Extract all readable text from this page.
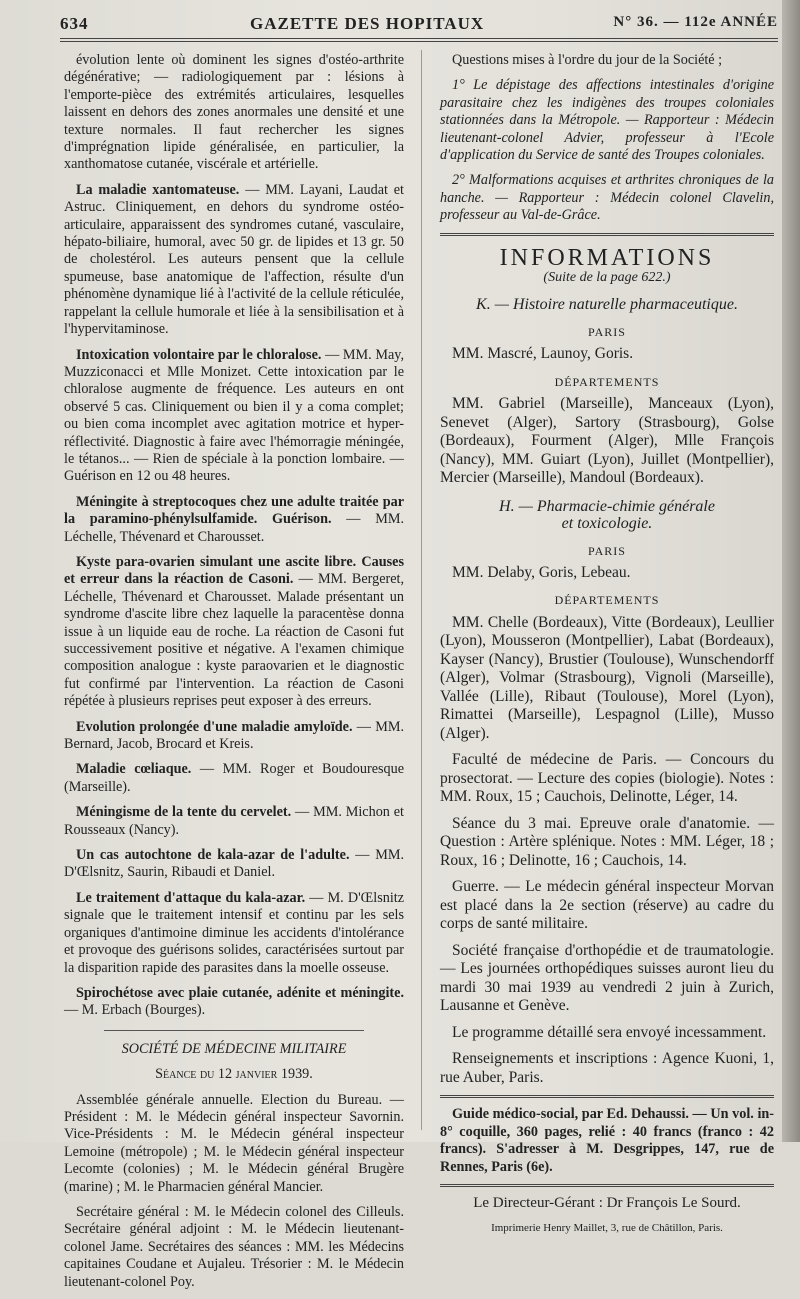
634	GAZETTE DES HOPITAUX	N° 36. — 112e ANNÉE

évolution lente où dominent les signes d'ostéo-arthrite dégénérative; — radiologiquement par : lésions à l'emporte-pièce des extrémités articulaires, lesquelles laissent en dehors des zones anormales une densité et une texture normales. Il faut rechercher les signes d'imprégnation lipide généralisée, en particulier, la xanthomatose cutanée, viscérale et artérielle.

La maladie xantomateuse. — MM. Layani, Laudat et Astruc. Cliniquement, en dehors du syndrome ostéo-articulaire, apparaissent des syndromes cutané, vasculaire, hépato-biliaire, humoral, avec 50 gr. de lipides et 13 gr. 50 de cholestérol. Les auteurs pensent que la cellule spumeuse, base anatomique de l'affection, résulte d'un phénomène dynamique lié à l'activité de la cellule réticulée, rappelant la cellule humorale et liée à la sensibilisation et à l'hypervitaminose.

Intoxication volontaire par le chloralose. — MM. May, Muzziconacci et Mlle Monizet. Cette intoxication par le chloralose augmente de fréquence. Les auteurs en ont observé 5 cas. Cliniquement ou bien il y a coma complet; ou bien coma incomplet avec agitation motrice et hyper-réflectivité. Diagnostic à faire avec l'hémorragie méningée, le tétanos... — Rien de spéciale à la ponction lombaire. — Guérison en 12 ou 48 heures.

Méningite à streptocoques chez une adulte traitée par la paramino-phénylsulfamide. Guérison. — MM. Léchelle, Thévenard et Charousset.

Kyste para-ovarien simulant une ascite libre. Causes et erreur dans la réaction de Casoni. — MM. Bergeret, Léchelle, Thévenard et Charousset. Malade présentant un syndrome d'ascite libre chez laquelle la paracentèse donna issue à un liquide eau de roche. La réaction de Casoni fut successivement positive et négative. A l'examen chimique composition analogue : kyste paraovarien et le diagnostic fut confirmé par l'intervention. La réaction de Casoni répétée à plusieurs reprises peut exposer à des erreurs.

Evolution prolongée d'une maladie amyloïde. — MM. Bernard, Jacob, Brocard et Kreis.

Maladie cœliaque. — MM. Roger et Boudouresque (Marseille).

Méningisme de la tente du cervelet. — MM. Michon et Rousseaux (Nancy).

Un cas autochtone de kala-azar de l'adulte. — MM. D'Œlsnitz, Saurin, Ribaudi et Daniel.

Le traitement d'attaque du kala-azar. — M. D'Œlsnitz signale que le traitement intensif et continu par les sels organiques d'antimoine diminue les accidents d'intolérance et provoque des guérisons solides, caractérisées surtout par la disparition rapide des parasites dans la moelle osseuse.

Spirochétose avec plaie cutanée, adénite et méningite. — M. Erbach (Bourges).

SOCIÉTÉ DE MÉDECINE MILITAIRE

Séance du 12 janvier 1939.

Assemblée générale annuelle. Election du Bureau. — Président : M. le Médecin général inspecteur Savornin. Vice-Présidents : M. le Médecin général inspecteur Lemoine (métropole) ; M. le Médecin général inspecteur Lecomte (colonies) ; M. le Médecin général Brugère (marine) ; M. le Pharmacien général Mancier.

Secrétaire général : M. le Médecin colonel des Cilleuls. Secrétaire général adjoint : M. le Médecin lieutenant-colonel Jame. Secrétaires des séances : MM. les Médecins capitaines Coudane et Aujaleu. Trésorier : M. le Médecin lieutenant-colonel Poy.

Questions mises à l'ordre du jour de la Société ;

1° Le dépistage des affections intestinales d'origine parasitaire chez les indigènes des troupes coloniales stationnées dans la Métropole. — Rapporteur : Médecin lieutenant-colonel Advier, professeur à l'Ecole d'application du Service de santé des Troupes coloniales.

2° Malformations acquises et arthrites chroniques de la hanche. — Rapporteur : Médecin colonel Clavelin, professeur au Val-de-Grâce.

INFORMATIONS
(Suite de la page 622.)
K. — Histoire naturelle pharmaceutique.

PARIS

MM. Mascré, Launoy, Goris.

DÉPARTEMENTS

MM. Gabriel (Marseille), Manceaux (Lyon), Senevet (Alger), Sartory (Strasbourg), Golse (Bordeaux), Fourment (Alger), Mlle François (Nancy), MM. Guiart (Lyon), Juillet (Montpellier), Mercier (Marseille), Mandoul (Bordeaux).

H. — Pharmacie-chimie générale
et toxicologie.

PARIS

MM. Delaby, Goris, Lebeau.

DÉPARTEMENTS

MM. Chelle (Bordeaux), Vitte (Bordeaux), Leullier (Lyon), Mousseron (Montpellier), Labat (Bordeaux), Kayser (Nancy), Brustier (Toulouse), Wunschendorff (Alger), Volmar (Strasbourg), Vignoli (Marseille), Vallée (Lille), Ribaut (Toulouse), Morel (Lyon), Rimattei (Marseille), Lespagnol (Lille), Musso (Alger).

Faculté de médecine de Paris. — Concours du prosectorat. — Lecture des copies (biologie). Notes : MM. Roux, 15 ; Cauchois, Delinotte, Léger, 14.

Séance du 3 mai. Epreuve orale d'anatomie. — Question : Artère splénique. Notes : MM. Léger, 18 ; Roux, 16 ; Delinotte, 16 ; Cauchois, 14.

Guerre. — Le médecin général inspecteur Morvan est placé dans la 2e section (réserve) au cadre du corps de santé militaire.

Société française d'orthopédie et de traumatologie. — Les journées orthopédiques suisses auront lieu du mardi 30 mai 1939 au vendredi 2 juin à Zurich, Lausanne et Genève.

Le programme détaillé sera envoyé incessamment.

Renseignements et inscriptions : Agence Kuoni, 1, rue Auber, Paris.

Guide médico-social, par Ed. Dehaussi. — Un vol. in-8° coquille, 360 pages, relié : 40 francs (franco : 42 francs). S'adresser à M. Desgrippes, 147, rue de Rennes, Paris (6e).

Le Directeur-Gérant : Dr François Le Sourd.

Imprimerie Henry Maillet, 3, rue de Châtillon, Paris.
